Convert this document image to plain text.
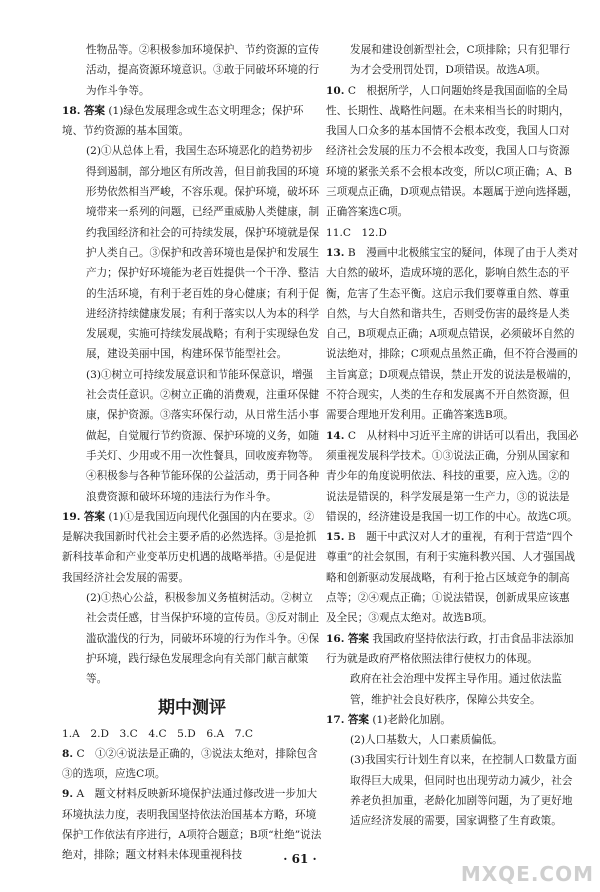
性物品等。②积极参加环境保护、节约资源的宣传活动，提高资源环境意识。③敢于同破坏环境的行为作斗争等。

18. 答案 (1)绿色发展理念或生态文明理念；保护环境、节约资源的基本国策。

(2)①从总体上看，我国生态环境恶化的趋势初步得到遏制，部分地区有所改善，但目前我国的环境形势依然相当严峻，不容乐观。保护环境，破坏环境带来一系列的问题，已经严重威胁人类健康，制约我国经济和社会的可持续发展，保护环境就是保护人类自己。③保护和改善环境也是保护和发展生产力；保护好环境能为老百姓提供一个干净、整洁的生活环境，有利于老百姓的身心健康；有利于促进经济持续健康发展；有利于落实以人为本的科学发展观，实施可持续发展战略；有利于实现绿色发展，建设美丽中国，构建环保节能型社会。

(3)①树立可持续发展意识和节能环保意识，增强社会责任意识。②树立正确的消费观，注重环保健康，保护资源。③落实环保行动，从日常生活小事做起，自觉履行节约资源、保护环境的义务，如随手关灯、少用或不用一次性餐具，回收废弃物等。④积极参与各种节能环保的公益活动，勇于同各种浪费资源和破坏环境的违法行为作斗争。

19. 答案 (1)①是我国迈向现代化强国的内在要求。②是解决我国新时代社会主要矛盾的必然选择。③是抢抓新科技革命和产业变革历史机遇的战略举措。④是促进我国经济社会发展的需要。

(2)①热心公益，积极参加义务植树活动。②树立社会责任感，甘当保护环境的宣传员。③反对制止滥砍滥伐的行为，同破坏环境的行为作斗争。④保护环境，践行绿色发展理念向有关部门献言献策等。

期中测评

1.A　2.D　3.C　4.C　5.D　6.A　7.C

8. C　①②④说法是正确的，③说法太绝对，排除包含③的选项，应选C项。

9. A　题文材料反映新环境保护法通过修改进一步加大环境执法力度，表明我国坚持依法治国基本方略，环境保护工作依法有序进行，A项符合题意；B项“杜绝”说法绝对，排除；题文材料未体现重视科技

发展和建设创新型社会，C项排除；只有犯罪行为才会受刑罚处罚，D项错误。故选A项。

10. C　根据所学，人口问题始终是我国面临的全局性、长期性、战略性问题。在未来相当长的时期内，我国人口众多的基本国情不会根本改变，我国人口对经济社会发展的压力不会根本改变，我国人口与资源环境的紧张关系不会根本改变，所以C项正确；A、B三项观点正确，D项观点错误。本题属于逆向选择题，正确答案选C项。

11.C　12.D

13. B　漫画中北极熊宝宝的疑问，体现了由于人类对大自然的破坏，造成环境的恶化，影响自然生态的平衡，危害了生态平衡。这启示我们要尊重自然、尊重自然，与大自然和谐共生，否则受伤害的最终是人类自己，B项观点正确；A项观点错误，必须破坏自然的说法绝对，排除；C项观点虽然正确，但不符合漫画的主旨寓意；D项观点错误，禁止开发的说法是极端的，不符合现实，人类的生存和发展离不开自然资源，但需要合理地开发利用。正确答案选B项。

14. C　从材料中习近平主席的讲话可以看出，我国必须重视发展科学技术。①③说法正确，分别从国家和青少年的角度说明依法、科技的重要，应入选。②的说法是错误的，科学发展是第一生产力，③的说法是错误的，经济建设是我国一切工作的中心。故选C项。

15. B　题干中武汉对人才的重视，有利于营造“四个尊重”的社会氛围，有利于实施科教兴国、人才强国战略和创新驱动发展战略，有利于抢占区域竞争的制高点等；②④观点正确；①说法错误，创新成果应该惠及全民；③观点太绝对。故选B项。

16. 答案 我国政府坚持依法行政，打击食品非法添加行为就是政府严格依照法律行使权力的体现。

政府在社会治理中发挥主导作用。通过依法监管，维护社会良好秩序，保障公共安全。

17. 答案 (1)老龄化加剧。

(2)人口基数大，人口素质偏低。

(3)我国实行计划生育以来，在控制人口数量方面取得巨大成果，但同时也出现劳动力减少，社会养老负担加重，老龄化加剧等问题，为了更好地适应经济发展的需要，国家调整了生育政策。

· 61 ·
MXQE.COM
